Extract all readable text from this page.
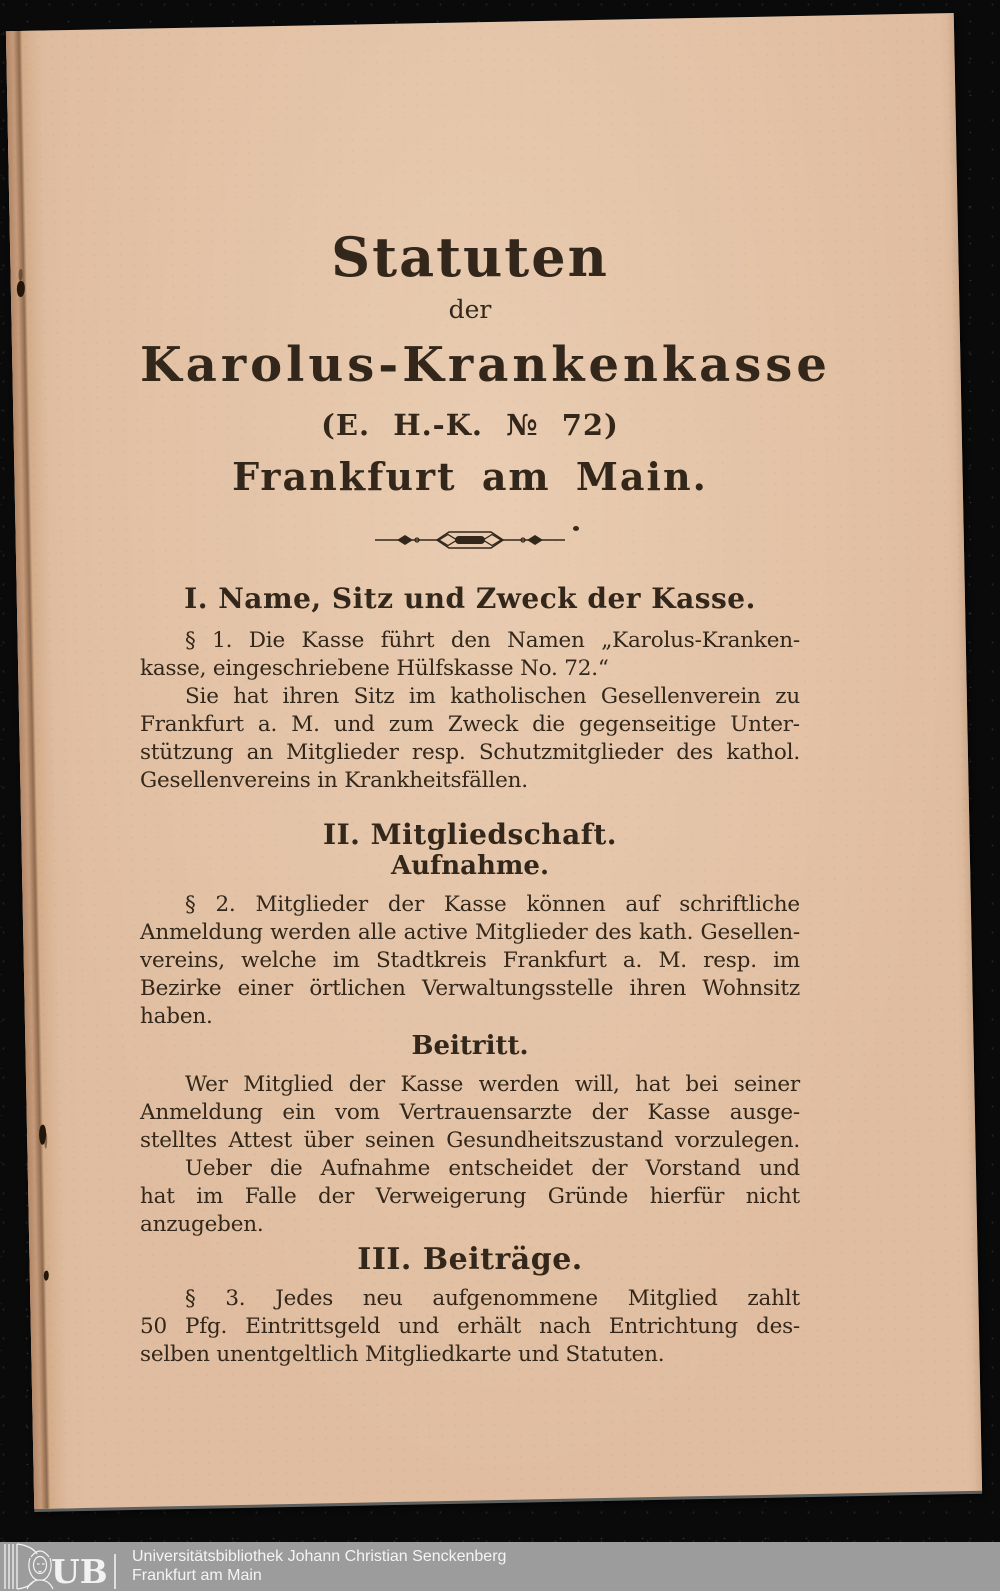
Statuten
der
Karolus-Krankenkasse
(E. H.-K. № 72)
Frankfurt am Main.
I. Name, Sitz und Zweck der Kasse.
§ 1. Die Kasse führt den Namen „Karolus-Kranken-
kasse, eingeschriebene Hülfskasse No. 72.“
Sie hat ihren Sitz im katholischen Gesellenverein zu
Frankfurt a. M. und zum Zweck die gegenseitige Unter-
stützung an Mitglieder resp. Schutzmitglieder des kathol.
Gesellenvereins in Krankheitsfällen.
II. Mitgliedschaft.
Aufnahme.
§ 2. Mitglieder der Kasse können auf schriftliche
Anmeldung werden alle active Mitglieder des kath. Gesellen-
vereins, welche im Stadtkreis Frankfurt a. M. resp. im
Bezirke einer örtlichen Verwaltungsstelle ihren Wohnsitz
haben.
Beitritt.
Wer Mitglied der Kasse werden will, hat bei seiner
Anmeldung ein vom Vertrauensarzte der Kasse ausge-
stelltes Attest über seinen Gesundheitszustand vorzulegen.
Ueber die Aufnahme entscheidet der Vorstand und
hat im Falle der Verweigerung Gründe hierfür nicht
anzugeben.
III. Beiträge.
§ 3. Jedes neu aufgenommene Mitglied zahlt
50 Pfg. Eintrittsgeld und erhält nach Entrichtung des-
selben unentgeltlich Mitgliedkarte und Statuten.
UB Universitätsbibliothek Johann Christian Senckenberg
Frankfurt am Main
